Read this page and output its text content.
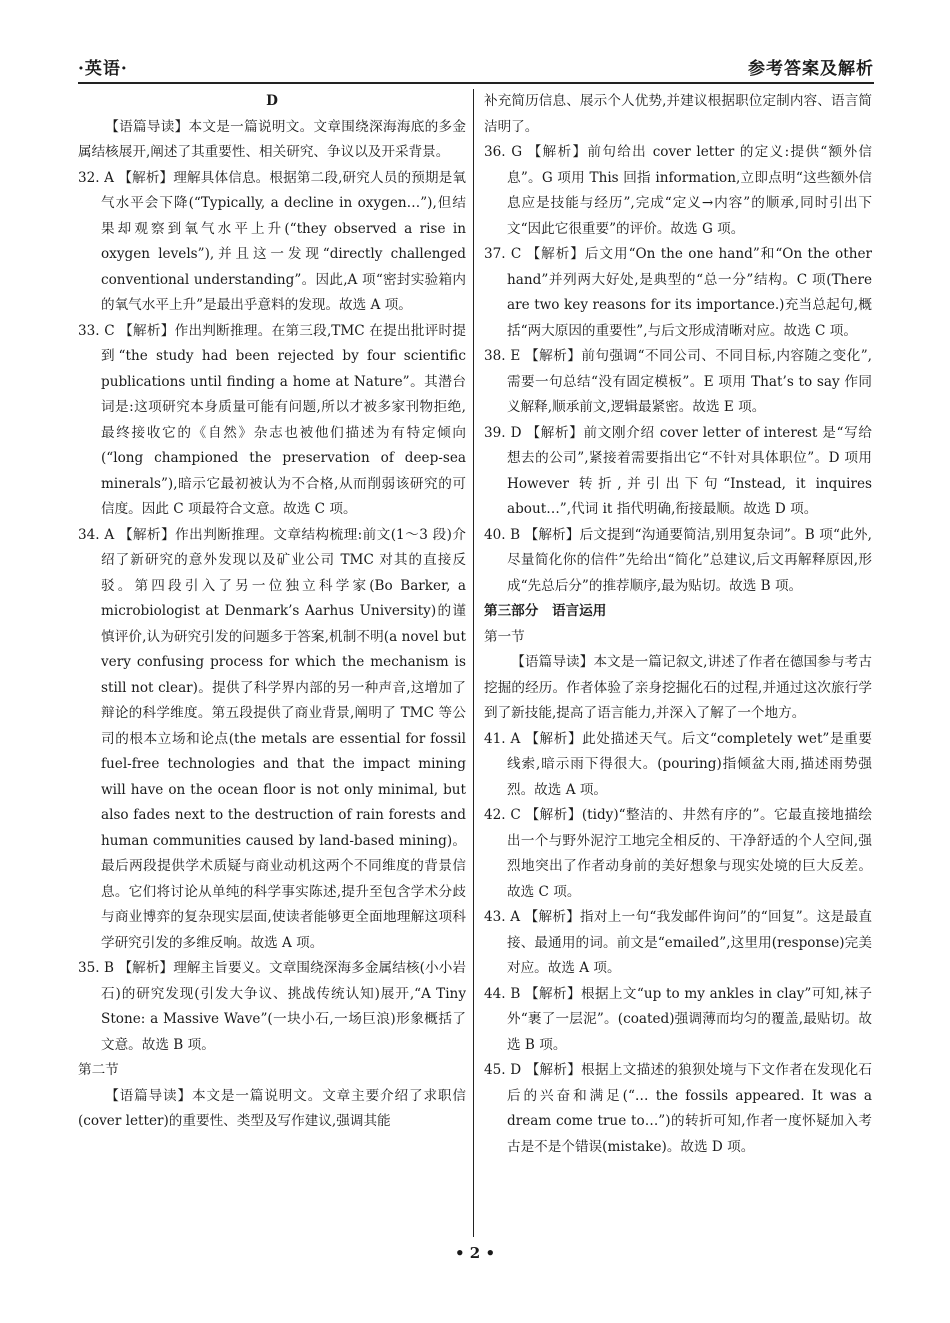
·英语·	参考答案及解析

D

【语篇导读】本文是一篇说明文。文章围绕深海海底的多金属结核展开,阐述了其重要性、相关研究、争议以及开采背景。

32. A 【解析】理解具体信息。根据第二段,研究人员的预期是氧气水平会下降(“Typically, a decline in oxygen…”),但结果却观察到氧气水平上升(“they observed a rise in oxygen levels”),并且这一发现“directly challenged conventional understanding”。因此,A 项“密封实验箱内的氧气水平上升”是最出乎意料的发现。故选 A 项。

33. C 【解析】作出判断推理。在第三段,TMC 在提出批评时提到“the study had been rejected by four scientific publications until finding a home at Nature”。其潜台词是:这项研究本身质量可能有问题,所以才被多家刊物拒绝,最终接收它的《自然》杂志也被他们描述为有特定倾向(“long championed the preservation of deep-sea minerals”),暗示它最初被认为不合格,从而削弱该研究的可信度。因此 C 项最符合文意。故选 C 项。

34. A 【解析】作出判断推理。文章结构梳理:前文(1～3 段)介绍了新研究的意外发现以及矿业公司 TMC 对其的直接反驳。第四段引入了另一位独立科学家(Bo Barker, a microbiologist at Denmark’s Aarhus University)的谨慎评价,认为研究引发的问题多于答案,机制不明(a novel but very confusing process for which the mechanism is still not clear)。提供了科学界内部的另一种声音,这增加了辩论的科学维度。第五段提供了商业背景,阐明了 TMC 等公司的根本立场和论点(the metals are essential for fossil fuel-free technologies and that the impact mining will have on the ocean floor is not only minimal, but also fades next to the destruction of rain forests and human communities caused by land-based mining)。最后两段提供学术质疑与商业动机这两个不同维度的背景信息。它们将讨论从单纯的科学事实陈述,提升至包含学术分歧与商业博弈的复杂现实层面,使读者能够更全面地理解这项科学研究引发的多维反响。故选 A 项。

35. B 【解析】理解主旨要义。文章围绕深海多金属结核(小小岩石)的研究发现(引发大争议、挑战传统认知)展开,“A Tiny Stone: a Massive Wave”(一块小石,一场巨浪)形象概括了文意。故选 B 项。

第二节

【语篇导读】本文是一篇说明文。文章主要介绍了求职信(cover letter)的重要性、类型及写作建议,强调其能

补充简历信息、展示个人优势,并建议根据职位定制内容、语言简洁明了。

36. G 【解析】前句给出 cover letter 的定义:提供“额外信息”。G 项用 This 回指 information,立即点明“这些额外信息应是技能与经历”,完成“定义→内容”的顺承,同时引出下文“因此它很重要”的评价。故选 G 项。

37. C 【解析】后文用“On the one hand”和“On the other hand”并列两大好处,是典型的“总一分”结构。C 项(There are two key reasons for its importance.)充当总起句,概括“两大原因的重要性”,与后文形成清晰对应。故选 C 项。

38. E 【解析】前句强调“不同公司、不同目标,内容随之变化”,需要一句总结“没有固定模板”。E 项用 That’s to say 作同义解释,顺承前文,逻辑最紧密。故选 E 项。

39. D 【解析】前文刚介绍 cover letter of interest 是“写给想去的公司”,紧接着需要指出它“不针对具体职位”。D 项用 However 转折,并引出下句“Instead, it inquires about…”,代词 it 指代明确,衔接最顺。故选 D 项。

40. B 【解析】后文提到“沟通要简洁,别用复杂词”。B 项“此外,尽量简化你的信件”先给出“简化”总建议,后文再解释原因,形成“先总后分”的推荐顺序,最为贴切。故选 B 项。

第三部分　语言运用

第一节

【语篇导读】本文是一篇记叙文,讲述了作者在德国参与考古挖掘的经历。作者体验了亲身挖掘化石的过程,并通过这次旅行学到了新技能,提高了语言能力,并深入了解了一个地方。

41. A 【解析】此处描述天气。后文“completely wet”是重要线索,暗示雨下得很大。(pouring)指倾盆大雨,描述雨势强烈。故选 A 项。

42. C 【解析】(tidy)“整洁的、井然有序的”。它最直接地描绘出一个与野外泥泞工地完全相反的、干净舒适的个人空间,强烈地突出了作者动身前的美好想象与现实处境的巨大反差。故选 C 项。

43. A 【解析】指对上一句“我发邮件询问”的“回复”。这是最直接、最通用的词。前文是“emailed”,这里用(response)完美对应。故选 A 项。

44. B 【解析】根据上文“up to my ankles in clay”可知,袜子外“裹了一层泥”。(coated)强调薄而均匀的覆盖,最贴切。故选 B 项。

45. D 【解析】根据上文描述的狼狈处境与下文作者在发现化石后的兴奋和满足(“… the fossils appeared. It was a dream come true to…”)的转折可知,作者一度怀疑加入考古是不是个错误(mistake)。故选 D 项。

• 2 •
